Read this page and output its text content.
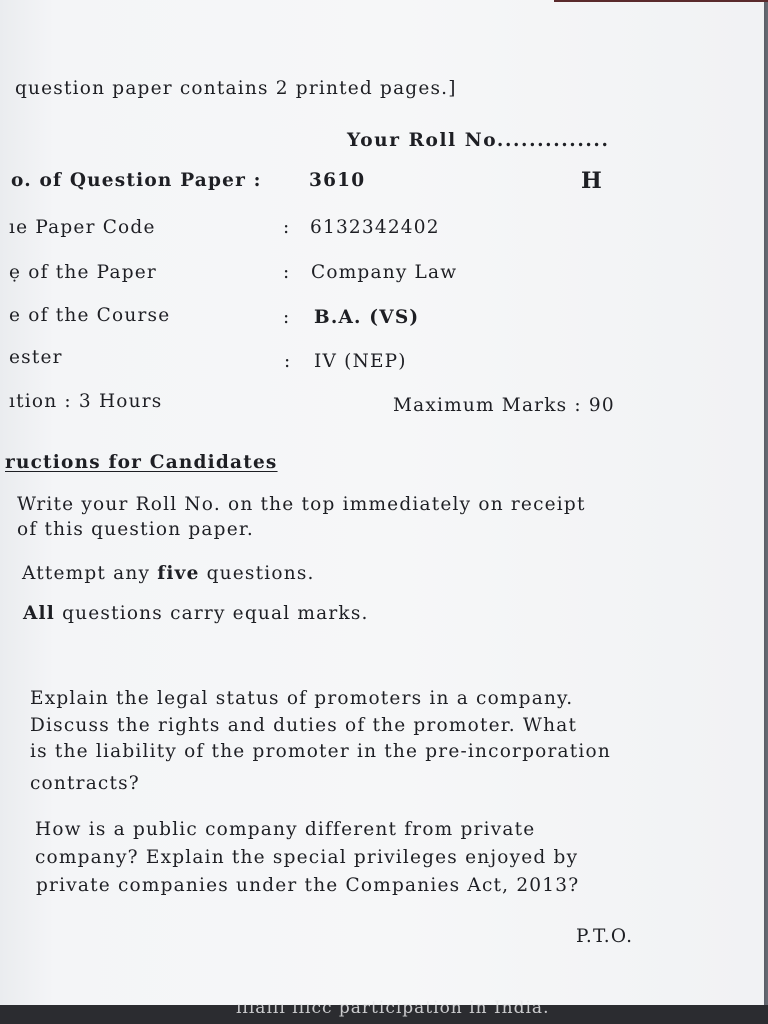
question paper contains 2 printed pages.]
Your Roll No..............
o. of Question Paper :	3610	H
ıe Paper Code	: 6132342402
ẹ of the Paper	: Company Law
e of the Course	: B.A. (VS)
ester	: IV (NEP)
ıtion : 3 Hours	Maximum Marks : 90
ructions for Candidates
Write your Roll No. on the top immediately on receipt
of this question paper.
Attempt any five questions.
All questions carry equal marks.
Explain the legal status of promoters in a company.
Discuss the rights and duties of the promoter. What
is the liability of the promoter in the pre-incorporation
contracts?
How is a public company different from private
company? Explain the special privileges enjoyed by
private companies under the Companies Act, 2013?
P.T.O.
ıııaııı ıııcc participation in India.
